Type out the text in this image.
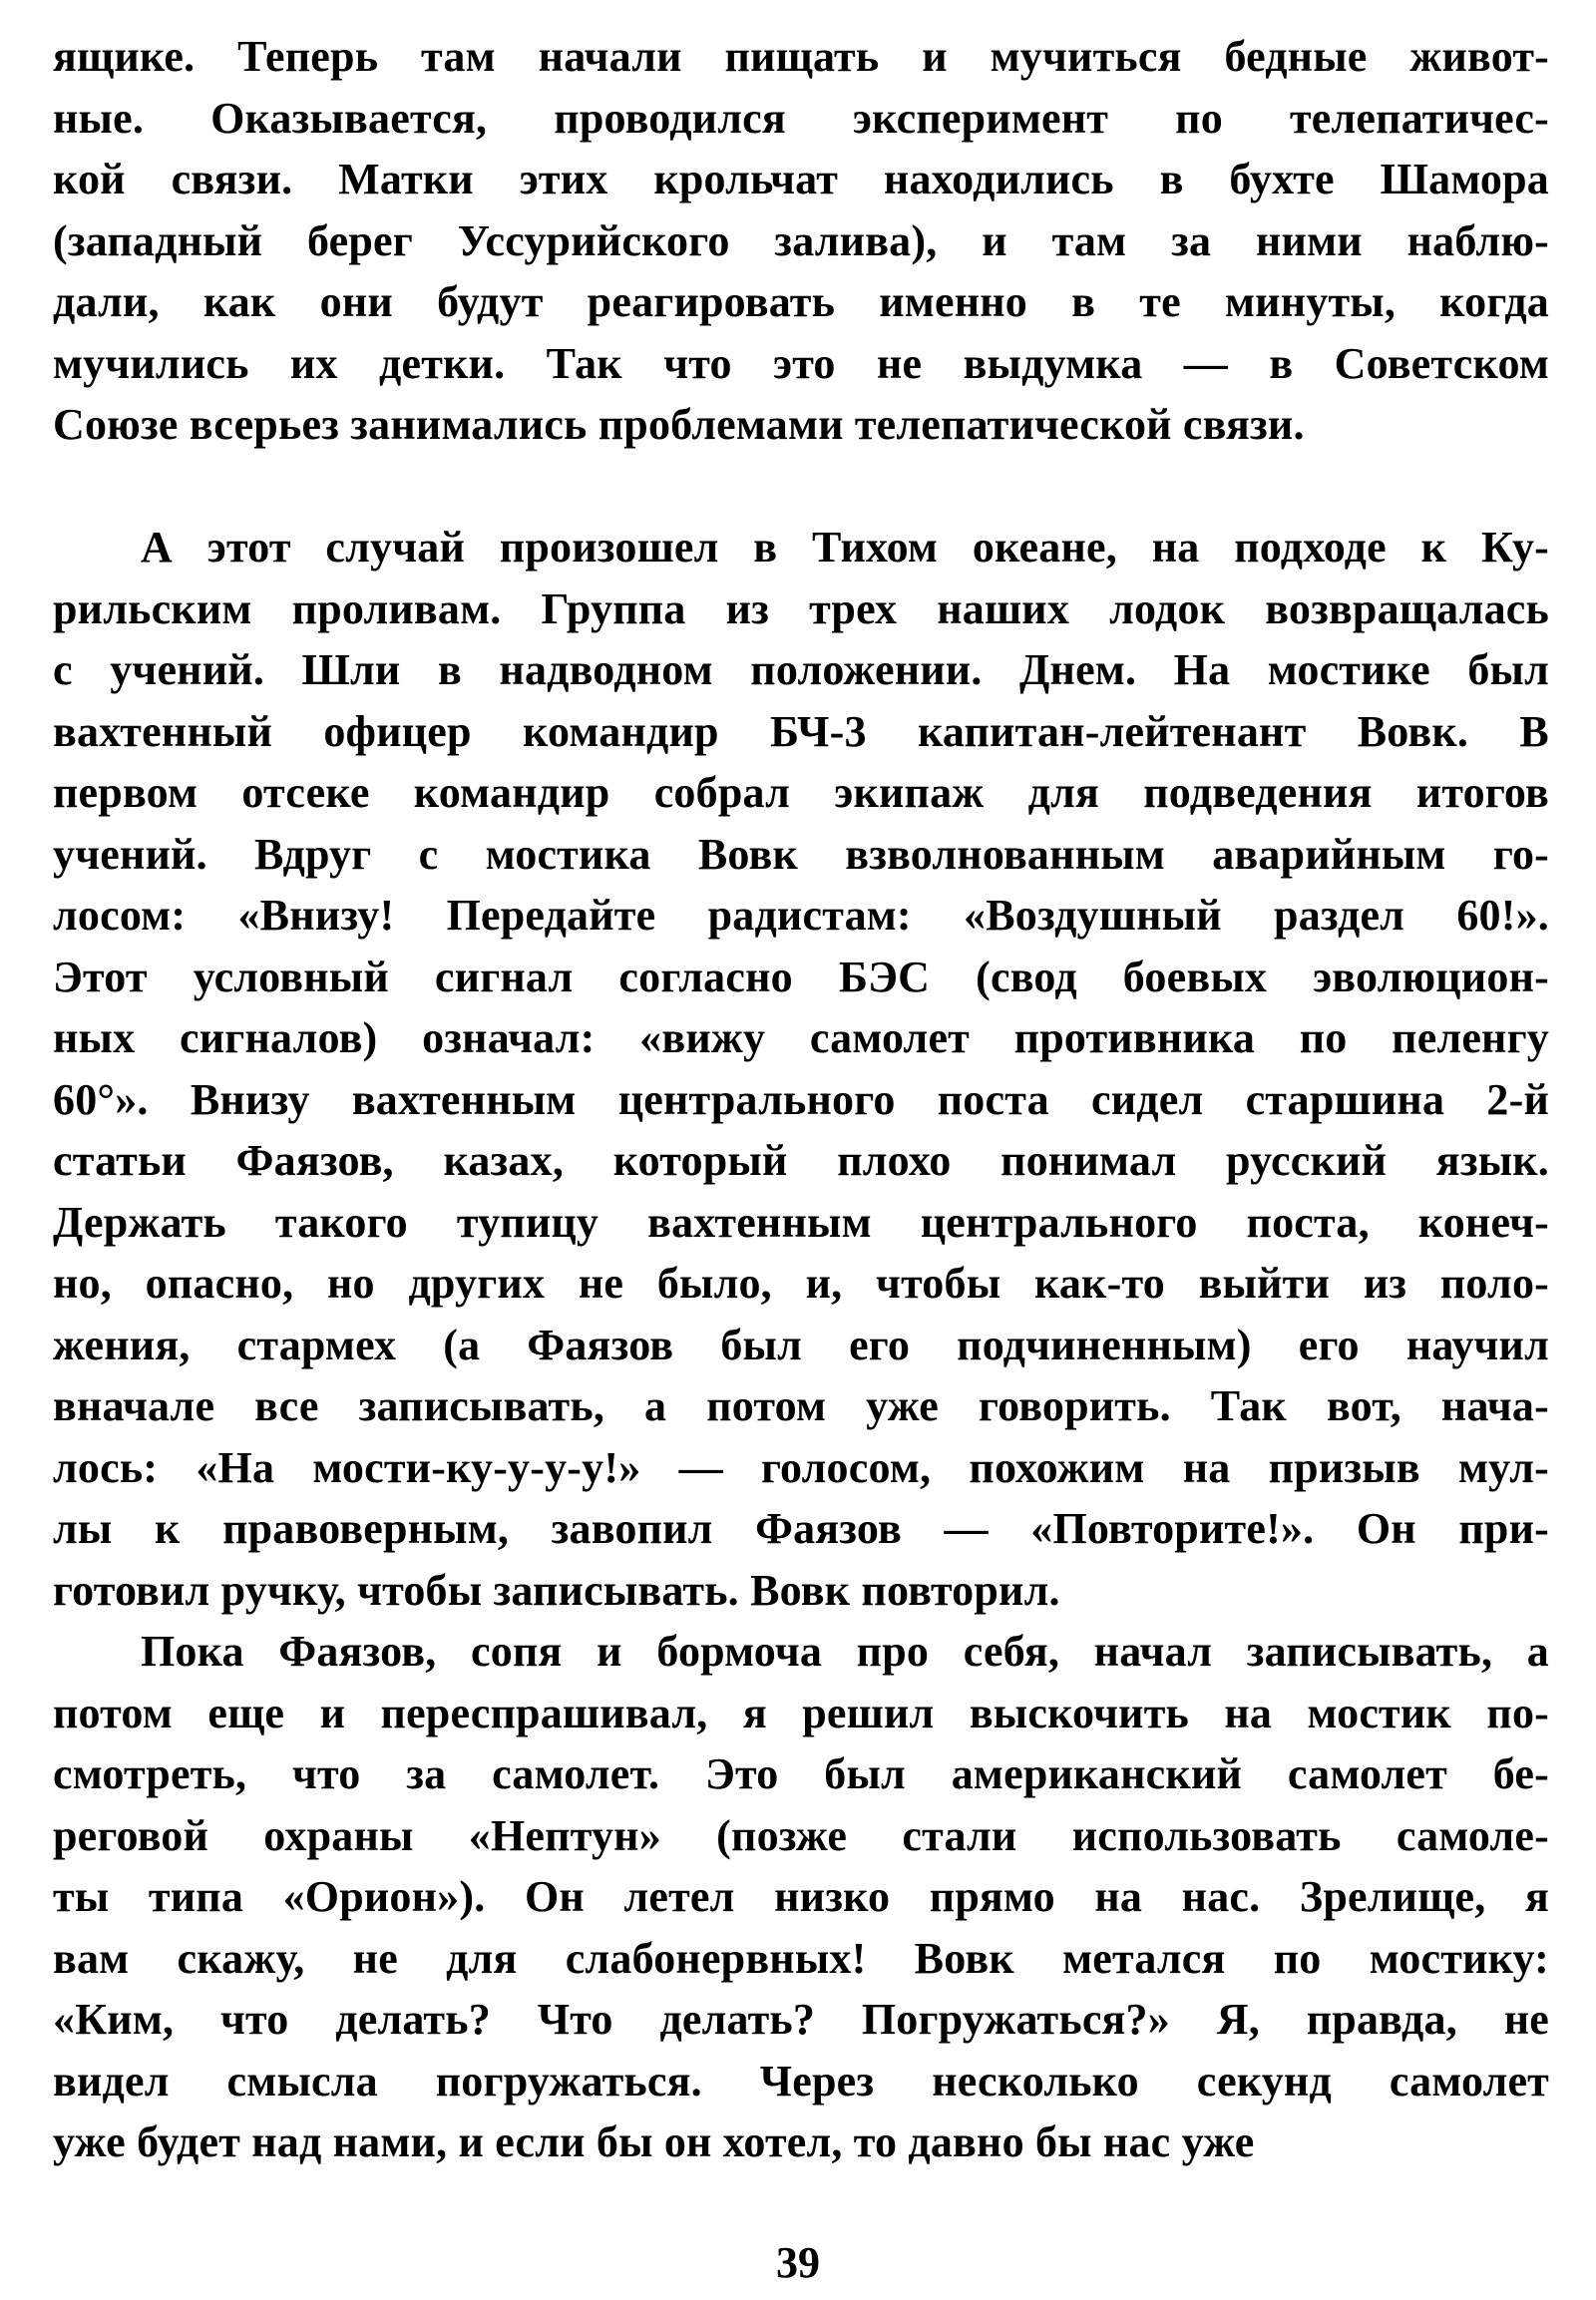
ящике. Теперь там начали пищать и мучиться бедные живот-
ные. Оказывается, проводился эксперимент по телепатичес-
кой связи. Матки этих крольчат находились в бухте Шамора
(западный берег Уссурийского залива), и там за ними наблю-
дали, как они будут реагировать именно в те минуты, когда
мучились их детки. Так что это не выдумка — в Советском
Союзе всерьез занимались проблемами телепатической связи.
А этот случай произошел в Тихом океане, на подходе к Ку-
рильским проливам. Группа из трех наших лодок возвращалась
с учений. Шли в надводном положении. Днем. На мостике был
вахтенный офицер командир БЧ-3 капитан-лейтенант Вовк. В
первом отсеке командир собрал экипаж для подведения итогов
учений. Вдруг с мостика Вовк взволнованным аварийным го-
лосом: «Внизу! Передайте радистам: «Воздушный раздел 60!».
Этот условный сигнал согласно БЭС (свод боевых эволюцион-
ных сигналов) означал: «вижу самолет противника по пеленгу
60°». Внизу вахтенным центрального поста сидел старшина 2-й
статьи Фаязов, казах, который плохо понимал русский язык.
Держать такого тупицу вахтенным центрального поста, конеч-
но, опасно, но других не было, и, чтобы как-то выйти из поло-
жения, стармех (а Фаязов был его подчиненным) его научил
вначале все записывать, а потом уже говорить. Так вот, нача-
лось: «На мости-ку-у-у-у!» — голосом, похожим на призыв мул-
лы к правоверным, завопил Фаязов — «Повторите!». Он при-
готовил ручку, чтобы записывать. Вовк повторил.
Пока Фаязов, сопя и бормоча про себя, начал записывать, а
потом еще и переспрашивал, я решил выскочить на мостик по-
смотреть, что за самолет. Это был американский самолет бе-
реговой охраны «Нептун» (позже стали использовать самоле-
ты типа «Орион»). Он летел низко прямо на нас. Зрелище, я
вам скажу, не для слабонервных! Вовк метался по мостику:
«Ким, что делать? Что делать? Погружаться?» Я, правда, не
видел смысла погружаться. Через несколько секунд самолет
уже будет над нами, и если бы он хотел, то давно бы нас уже
39
